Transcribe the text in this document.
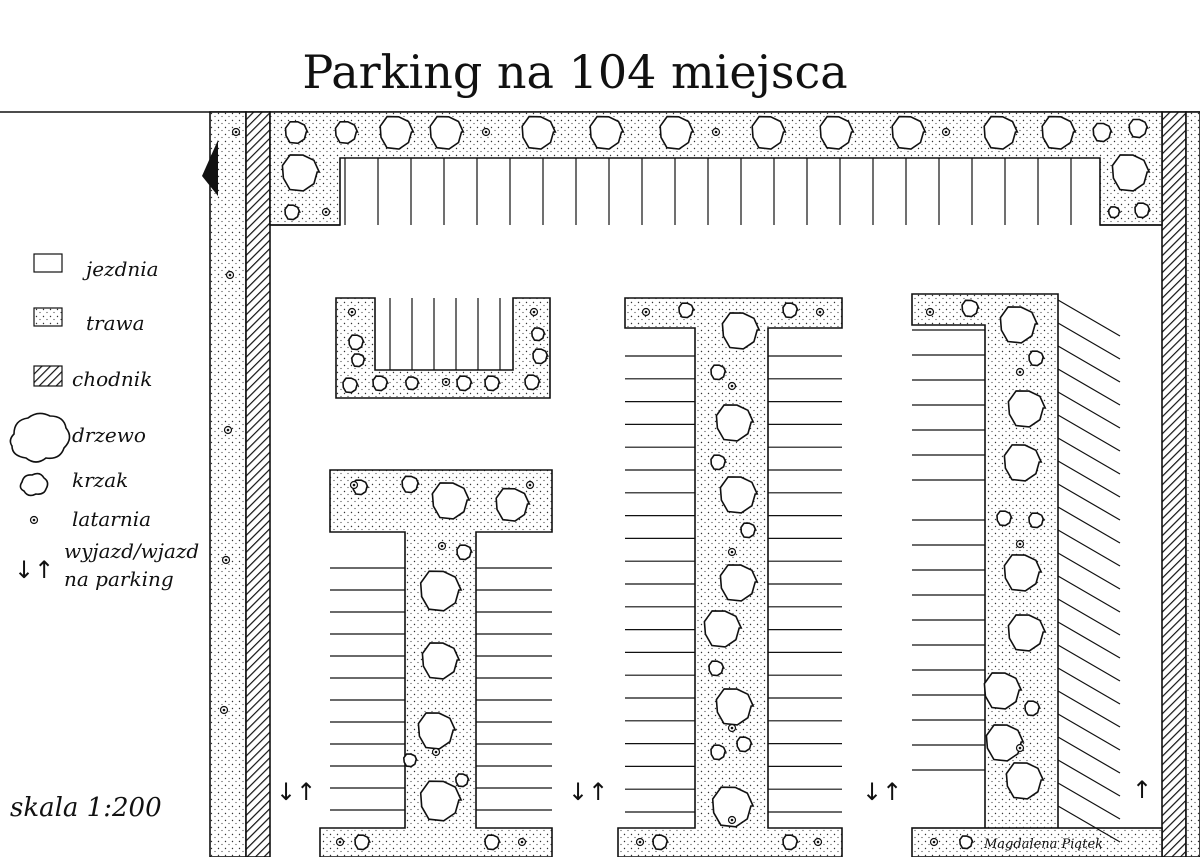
Parking na 104 miejsca
jezdnia
trawa
chodnik
drzewo
krzak
latarnia
↓↑
wyjazd/wjazd
na parking
skala 1:200
↓↑	↓↑	↓↑	↑
Magdalena Piątek
